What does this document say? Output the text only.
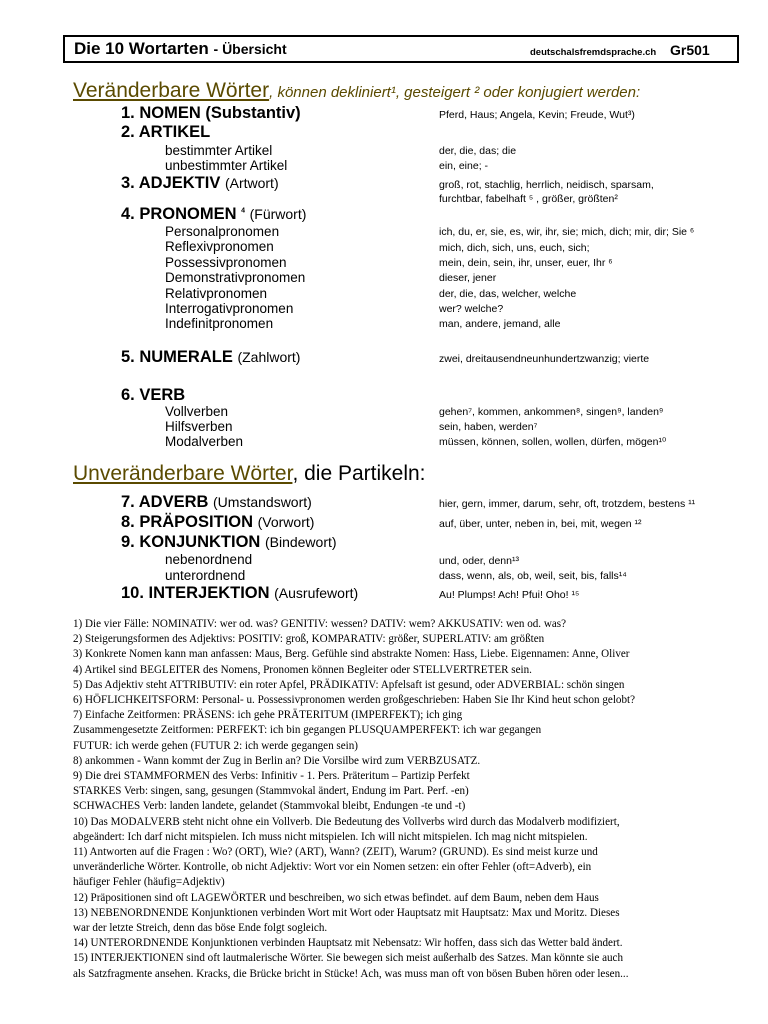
Die 10 Wortarten - Übersicht	deutschalsfremdsprache.ch Gr501
Veränderbare Wörter, können dekliniert¹, gesteigert ² oder konjugiert werden:
1. NOMEN (Substantiv)	Pferd, Haus; Angela, Kevin; Freude, Wut³)
2. ARTIKEL
bestimmter Artikel	der, die, das; die
unbestimmter Artikel	ein, eine; -
3. ADJEKTIV (Artwort)	groß, rot, stachlig, herrlich, neidisch, sparsam,
furchtbar, fabelhaft ⁵ , größer, größten²
4. PRONOMEN $^4$ (Fürwort)
Personalpronomen	ich, du, er, sie, es, wir, ihr, sie; mich, dich; mir, dir; Sie ⁶
Reflexivpronomen	mich, dich, sich, uns, euch, sich;
Possessivpronomen	mein, dein, sein, ihr, unser, euer, Ihr ⁶
Demonstrativpronomen	dieser, jener
Relativpronomen	der, die, das, welcher, welche
Interrogativpronomen	wer? welche?
Indefinitpronomen	man, andere, jemand, alle
5. NUMERALE (Zahlwort)	zwei, dreitausendneunhundertzwanzig; vierte
6. VERB
Vollverben	gehen⁷, kommen, ankommen⁸, singen⁹, landen⁹
Hilfsverben	sein, haben, werden⁷
Modalverben	müssen, können, sollen, wollen, dürfen, mögen¹⁰
Unveränderbare Wörter, die Partikeln:
7. ADVERB (Umstandswort)	hier, gern, immer, darum, sehr, oft, trotzdem, bestens ¹¹
8. PRÄPOSITION (Vorwort)	auf, über, unter, neben in, bei, mit, wegen ¹²
9. KONJUNKTION (Bindewort)
nebenordnend	und, oder, denn¹³
unterordnend	dass, wenn, als, ob, weil, seit, bis, falls¹⁴
10. INTERJEKTION (Ausrufewort)	Au! Plumps! Ach! Pfui! Oho! ¹⁵

1) Die vier Fälle: NOMINATIV: wer od. was? GENITIV: wessen? DATIV: wem? AKKUSATIV: wen od. was?

2) Steigerungsformen des Adjektivs: POSITIV: groß, KOMPARATIV: größer, SUPERLATIV: am größten

3) Konkrete Nomen kann man anfassen: Maus, Berg. Gefühle sind abstrakte Nomen: Hass, Liebe. Eigennamen: Anne, Oliver

4) Artikel sind BEGLEITER des Nomens, Pronomen können Begleiter oder STELLVERTRETER sein.

5) Das Adjektiv steht ATTRIBUTIV: ein roter Apfel, PRÄDIKATIV: Apfelsaft ist gesund, oder ADVERBIAL: schön singen

6) HÖFLICHKEITSFORM: Personal- u. Possessivpronomen werden großgeschrieben: Haben Sie Ihr Kind heut schon gelobt?

7) Einfache Zeitformen: PRÄSENS: ich gehe PRÄTERITUM (IMPERFEKT); ich ging

Zusammengesetzte Zeitformen: PERFEKT: ich bin gegangen PLUSQUAMPERFEKT: ich war gegangen

FUTUR: ich werde gehen (FUTUR 2: ich werde gegangen sein)

8) ankommen - Wann kommt der Zug in Berlin an? Die Vorsilbe wird zum VERBZUSATZ.

9) Die drei STAMMFORMEN des Verbs: Infinitiv - 1. Pers. Präteritum – Partizip Perfekt

STARKES Verb: singen, sang, gesungen (Stammvokal ändert, Endung im Part. Perf. -en)

SCHWACHES Verb: landen landete, gelandet (Stammvokal bleibt, Endungen -te und -t)

10) Das MODALVERB steht nicht ohne ein Vollverb. Die Bedeutung des Vollverbs wird durch das Modalverb modifiziert,

abgeändert: Ich darf nicht mitspielen. Ich muss nicht mitspielen. Ich will nicht mitspielen. Ich mag nicht mitspielen.

11) Antworten auf die Fragen : Wo? (ORT), Wie? (ART), Wann? (ZEIT), Warum? (GRUND). Es sind meist kurze und

unveränderliche Wörter. Kontrolle, ob nicht Adjektiv: Wort vor ein Nomen setzen: ein ofter Fehler (oft=Adverb), ein

häufiger Fehler (häufig=Adjektiv)

12) Präpositionen sind oft LAGEWÖRTER und beschreiben, wo sich etwas befindet. auf dem Baum, neben dem Haus

13) NEBENORDNENDE Konjunktionen verbinden Wort mit Wort oder Hauptsatz mit Hauptsatz: Max und Moritz. Dieses

war der letzte Streich, denn das böse Ende folgt sogleich.

14) UNTERORDNENDE Konjunktionen verbinden Hauptsatz mit Nebensatz: Wir hoffen, dass sich das Wetter bald ändert.

15) INTERJEKTIONEN sind oft lautmalerische Wörter. Sie bewegen sich meist außerhalb des Satzes. Man könnte sie auch

als Satzfragmente ansehen. Kracks, die Brücke bricht in Stücke! Ach, was muss man oft von bösen Buben hören oder lesen...
